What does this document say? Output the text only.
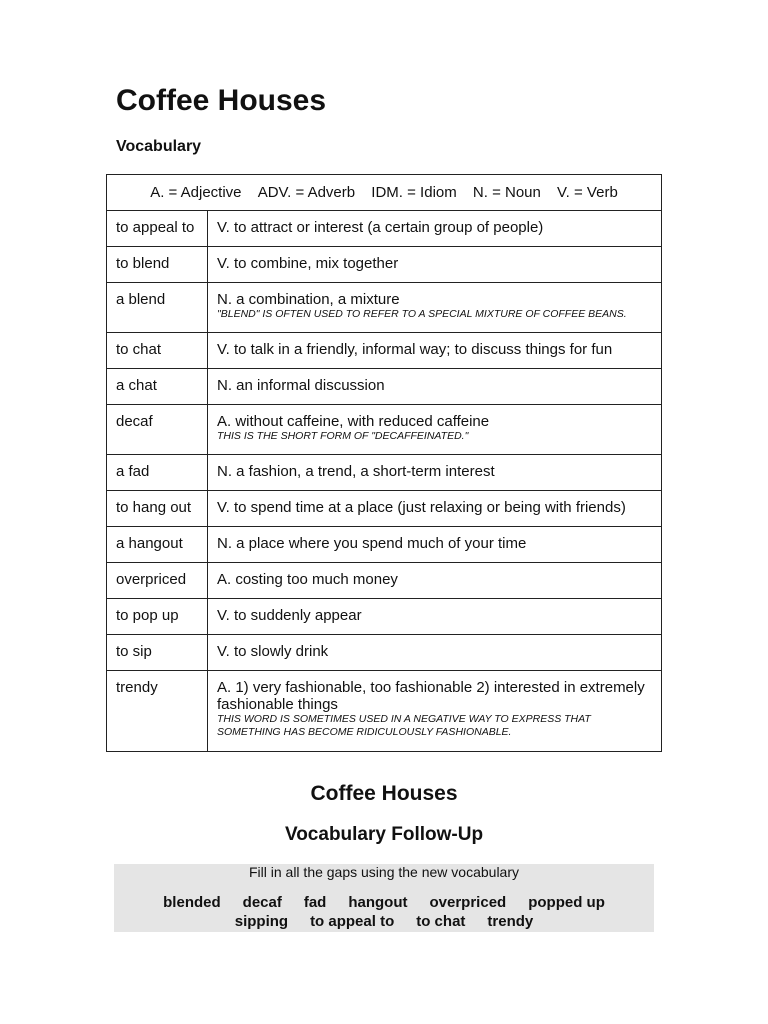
Coffee Houses
Vocabulary
A. = Adjective ADV. = Adverb IDM. = Idiom N. = Noun V. = Verb	
to appeal to	V. to attract or interest (a certain group of people)
to blend	V. to combine, mix together
a blend	N. a combination, a mixture
"BLEND" IS OFTEN USED TO REFER TO A SPECIAL MIXTURE OF COFFEE BEANS.

to chat	V. to talk in a friendly, informal way; to discuss things for fun
a chat	N. an informal discussion
decaf	A. without caffeine, with reduced caffeine
THIS IS THE SHORT FORM OF "DECAFFEINATED."

a fad	N. a fashion, a trend, a short-term interest
to hang out	V. to spend time at a place (just relaxing or being with friends)
a hangout	N. a place where you spend much of your time
overpriced	A. costing too much money
to pop up	V. to suddenly appear
to sip	V. to slowly drink
trendy	A. 1) very fashionable, too fashionable 2) interested in extremely fashionable things
THIS WORD IS SOMETIMES USED IN A NEGATIVE WAY TO EXPRESS THAT SOMETHING HAS BECOME RIDICULOUSLY FASHIONABLE.
Coffee Houses
Vocabulary Follow-Up
Fill in all the gaps using the new vocabulary
blended decaf fad hangout overpriced popped up
sipping to appeal to to chat trendy
